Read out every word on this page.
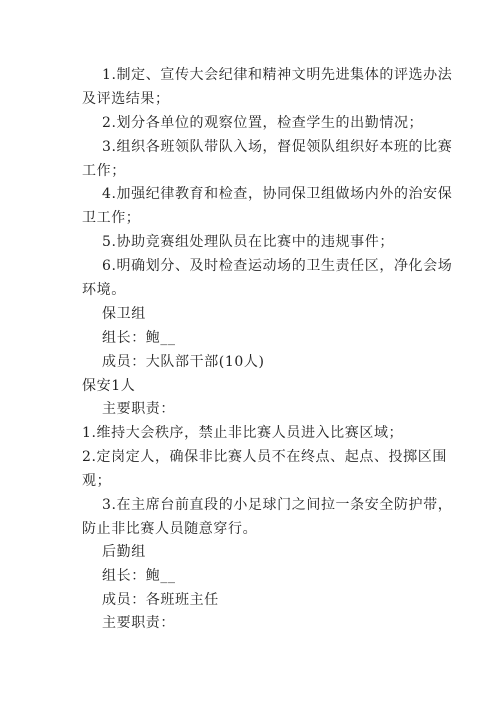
1.制定、宣传大会纪律和精神文明先进集体的评选办法及评选结果；

2.划分各单位的观察位置，检查学生的出勤情况；

3.组织各班领队带队入场，督促领队组织好本班的比赛工作；

4.加强纪律教育和检查，协同保卫组做场内外的治安保卫工作；

5.协助竞赛组处理队员在比赛中的违规事件；

6.明确划分、及时检查运动场的卫生责任区，净化会场环境。

保卫组

组长：鲍__

成员：大队部干部(10人)

保安1人

主要职责：

1.维持大会秩序，禁止非比赛人员进入比赛区域；

2.定岗定人，确保非比赛人员不在终点、起点、投掷区围观；

3.在主席台前直段的小足球门之间拉一条安全防护带，防止非比赛人员随意穿行。

后勤组

组长：鲍__

成员：各班班主任

主要职责：
